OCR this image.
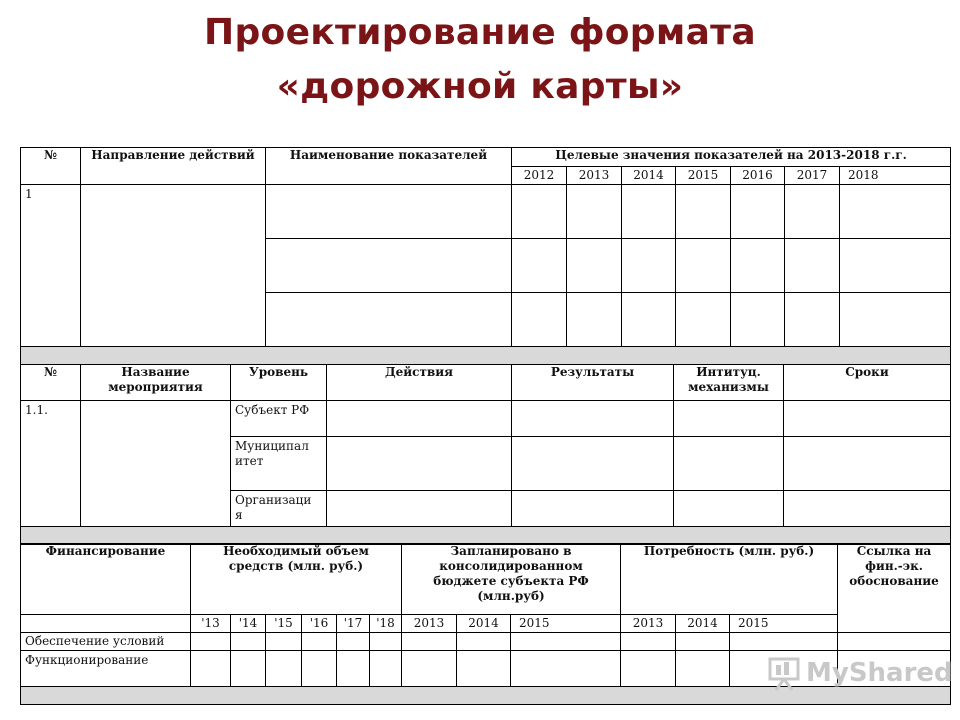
Проектирование формата
«дорожной карты»
№	Направление действий	Наименование показателей	Целевые значения показателей на 2013-2018 г.г.						
			2012	2013	2014	2015	2016	2017	2018
1									

№	Название мероприятия	Уровень	Действия	Результаты	Интитуц. механизмы	Сроки
1.1.		Субъект РФ				
		Муниципал итет				
		Организаци я				

Финансирование	Необходимый объем средств (млн. руб.)						Запланировано в консолидированном бюджете субъекта РФ (млн.руб)			Потребность (млн. руб.)			Ссылка на фин.-эк. обоснование
	'13	'14	'15	'16	'17	'18	2013	2014	2015	2013	2014	2015	
Обеспечение условий													
Функционирование														MyShared
